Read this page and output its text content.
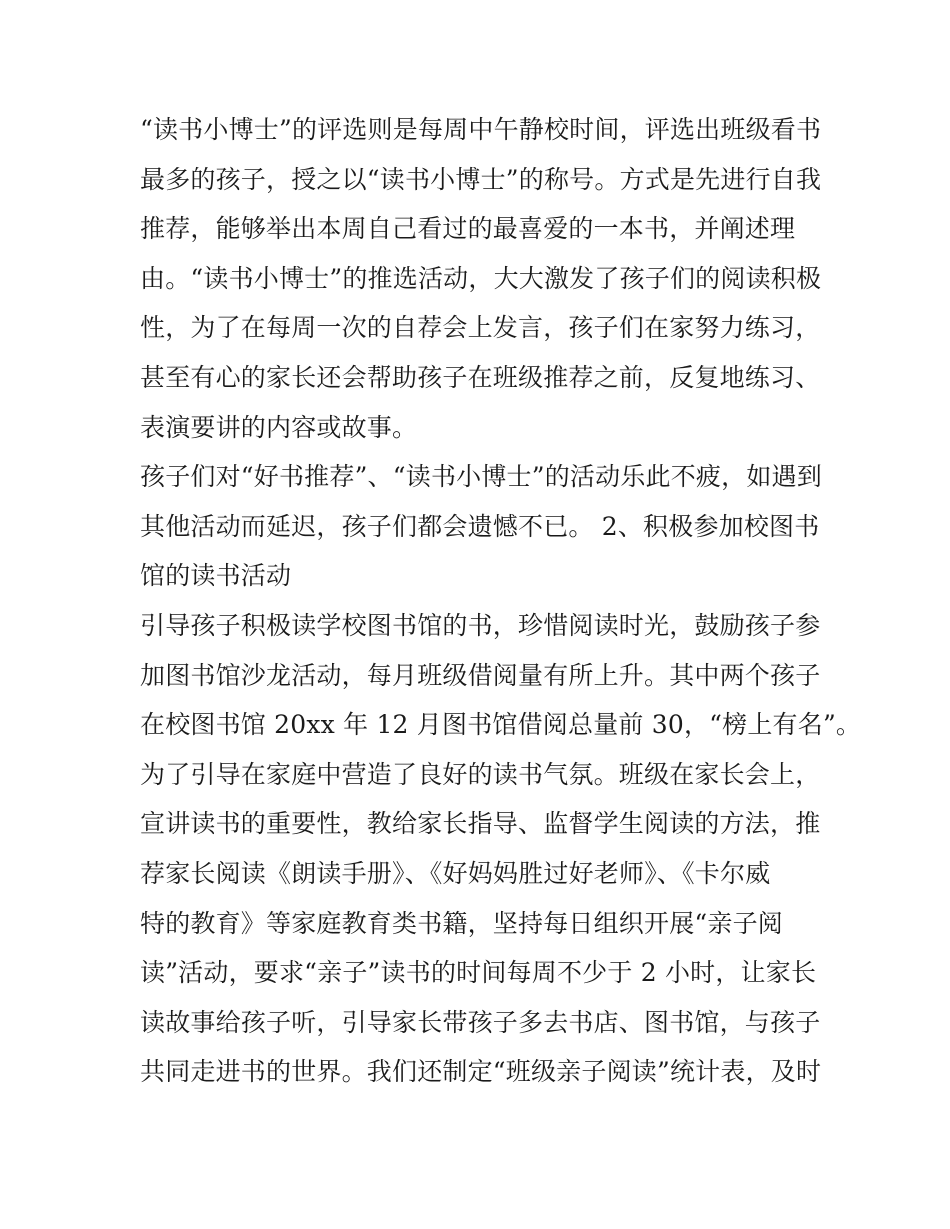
“读书小博士”的评选则是每周中午静校时间，评选出班级看书
最多的孩子，授之以“读书小博士”的称号。方式是先进行自我
推荐，能够举出本周自己看过的最喜爱的一本书，并阐述理
由。“读书小博士”的推选活动，大大激发了孩子们的阅读积极
性，为了在每周一次的自荐会上发言，孩子们在家努力练习，
甚至有心的家长还会帮助孩子在班级推荐之前，反复地练习、
表演要讲的内容或故事。
孩子们对“好书推荐”、“读书小博士”的活动乐此不疲，如遇到
其他活动而延迟，孩子们都会遗憾不已。 2、积极参加校图书
馆的读书活动
引导孩子积极读学校图书馆的书，珍惜阅读时光，鼓励孩子参
加图书馆沙龙活动，每月班级借阅量有所上升。其中两个孩子
在校图书馆 20xx 年 12 月图书馆借阅总量前 30，“榜上有名”。
为了引导在家庭中营造了良好的读书气氛。班级在家长会上，
宣讲读书的重要性，教给家长指导、监督学生阅读的方法，推
荐家长阅读《朗读手册》、《好妈妈胜过好老师》、《卡尔威
特的教育》等家庭教育类书籍，坚持每日组织开展“亲子阅
读”活动，要求“亲子”读书的时间每周不少于 2 小时，让家长
读故事给孩子听，引导家长带孩子多去书店、图书馆，与孩子
共同走进书的世界。我们还制定“班级亲子阅读”统计表，及时
